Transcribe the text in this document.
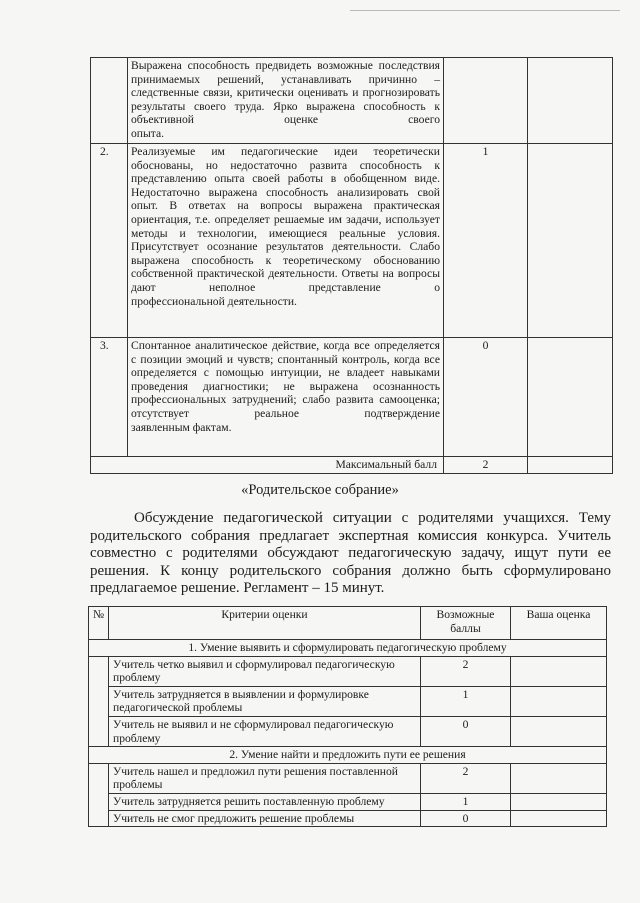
	Выражена способность предвидеть возможные последствия принимаемых решений, устанавливать причинно – следственные связи, критически оценивать и прогнозировать результаты своего труда. Ярко выражена способность к объективной оценке своего
опыта.		

2.	Реализуемые им педагогические идеи теоретически обоснованы, но недостаточно развита способность к представлению опыта своей работы в обобщенном виде. Недостаточно выражена способность анализировать свой опыт. В ответах на вопросы выражена практическая ориентация, т.е. определяет решаемые им задачи, использует методы и технологии, имеющиеся реальные условия. Присутствует осознание результатов деятельности. Слабо выражена способность к теоретическому обоснованию собственной практической деятельности. Ответы на вопросы дают неполное представление о
профессиональной деятельности.	1	
3.	Спонтанное аналитическое действие, когда все определяется с позиции эмоций и чувств; спонтанный контроль, когда все определяется с помощью интуиции, не владеет навыками проведения диагностики; не выражена осознанность профессиональных затруднений; слабо развита самооценка; отсутствует реальное подтверждение
заявленным фактам.	0	
Максимальный балл		2	
«Родительское собрание»
Обсуждение педагогической ситуации с родителями учащихся. Тему родительского собрания предлагает экспертная комиссия конкурса. Учитель совместно с родителями обсуждают педагогическую задачу, ищут пути ее решения. К концу родительского собрания должно быть сформулировано предлагаемое решение. Регламент – 15 минут.
№	Критерии оценки	Возможные баллы	Ваша оценка
1. Умение выявить и сформулировать педагогическую проблему			
	Учитель четко выявил и сформулировал педагогическую проблему	2	
	Учитель затрудняется в выявлении и формулировке педагогической проблемы	1	
	Учитель не выявил и не сформулировал педагогическую проблему	0	
2. Умение найти и предложить пути ее решения			
	Учитель нашел и предложил пути решения поставленной проблемы	2	
	Учитель затрудняется решить поставленную проблему	1	
	Учитель не смог предложить решение проблемы	0	
